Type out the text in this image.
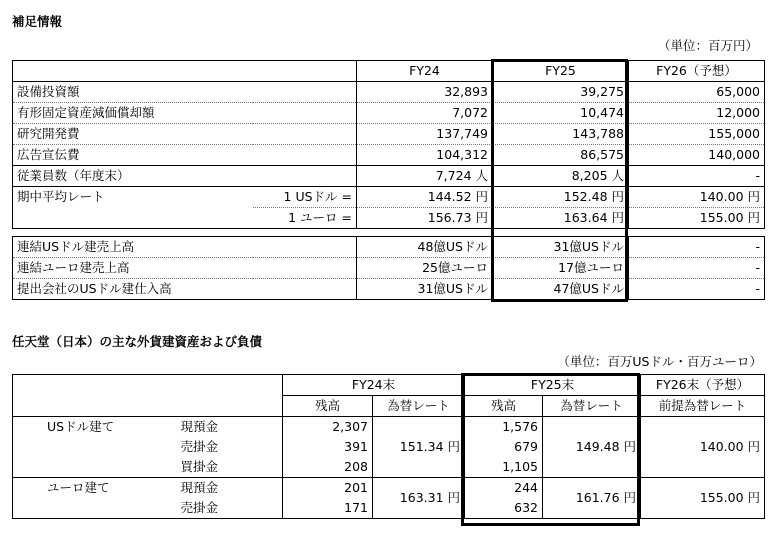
補足情報
（単位：百万円）
		FY24	FY25	FY26（予想）
設備投資額		32,893	39,275	65,000
有形固定資産減価償却額		7,072	10,474	12,000
研究開発費		137,749	143,788	155,000
広告宣伝費		104,312	86,575	140,000
従業員数（年度末）		7,724 人	8,205 人	-
期中平均レート	1 USドル =	144.52 円	152.48 円	140.00 円
	1 ユーロ =	156.73 円	163.64 円	155.00 円
連結USドル建売上高		48億USドル	31億USドル	-
連結ユーロ建売上高		25億ユーロ	17億ユーロ	-
提出会社のUSドル建仕入高		31億USドル	47億USドル	-
任天堂（日本）の主な外貨建資産および負債
（単位：百万USドル・百万ユーロ）
		FY24末		FY25末		FY26末（予想）
		残高	為替レート	残高	為替レート	前提為替レート
USドル建て	現預金	2,307	151.34 円	1,576	149.48 円	140.00 円
	売掛金	391		679		
	買掛金	208		1,105		
ユーロ建て	現預金	201	163.31 円	244	161.76 円	155.00 円
	売掛金	171		632		
